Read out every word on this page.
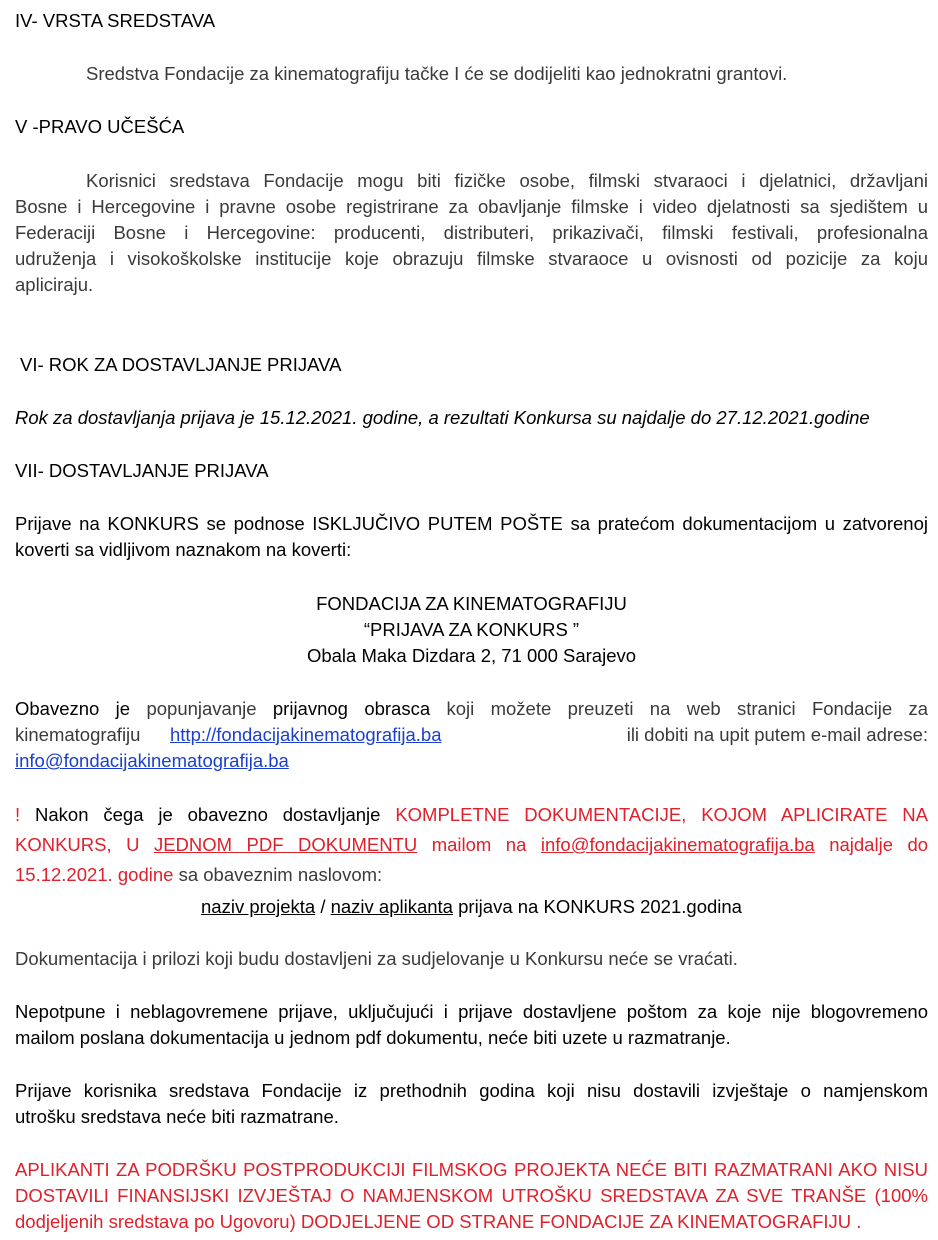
IV- VRSTA SREDSTAVA
Sredstva Fondacije za kinematografiju tačke I će se dodijeliti kao jednokratni grantovi.
V -PRAVO UČEŠĆA
Korisnici sredstava Fondacije mogu biti fizičke osobe, filmski stvaraoci i djelatnici, državljani
Bosne i Hercegovine i pravne osobe registrirane za obavljanje filmske i video djelatnosti sa sjedištem u
Federaciji Bosne i Hercegovine: producenti, distributeri, prikazivači, filmski festivali, profesionalna
udruženja i visokoškolske institucije koje obrazuju filmske stvaraoce u ovisnosti od pozicije za koju
apliciraju.
VI- ROK ZA DOSTAVLJANJE PRIJAVA
Rok za dostavljanja prijava je 15.12.2021. godine, a rezultati Konkursa su najdalje do 27.12.2021.godine
VII- DOSTAVLJANJE PRIJAVA
Prijave na KONKURS se podnose ISKLJUČIVO PUTEM POŠTE sa pratećom dokumentacijom u zatvorenoj
koverti sa vidljivom naznakom na koverti:
FONDACIJA ZA KINEMATOGRAFIJU
“PRIJAVA ZA KONKURS ”
Obala Maka Dizdara 2, 71 000 Sarajevo
Obavezno je popunjavanje prijavnog obrasca koji možete preuzeti na web stranici Fondacije za
kinematografiju http://fondacijakinematografija.ba	ili dobiti na upit putem e-mail adrese:
info@fondacijakinematografija.ba
! Nakon čega je obavezno dostavljanje KOMPLETNE DOKUMENTACIJE, KOJOM APLICIRATE NA
KONKURS, U JEDNOM PDF DOKUMENTU mailom na info@fondacijakinematografija.ba najdalje do
15.12.2021. godine sa obaveznim naslovom:
naziv projekta / naziv aplikanta prijava na KONKURS 2021.godina
Dokumentacija i prilozi koji budu dostavljeni za sudjelovanje u Konkursu neće se vraćati.
Nepotpune i neblagovremene prijave, uključujući i prijave dostavljene poštom za koje nije blogovremeno
mailom poslana dokumentacija u jednom pdf dokumentu, neće biti uzete u razmatranje.
Prijave korisnika sredstava Fondacije iz prethodnih godina koji nisu dostavili izvještaje o namjenskom
utrošku sredstava neće biti razmatrane.
APLIKANTI ZA PODRŠKU POSTPRODUKCIJI FILMSKOG PROJEKTA NEĆE BITI RAZMATRANI AKO NISU
DOSTAVILI FINANSIJSKI IZVJEŠTAJ O NAMJENSKOM UTROŠKU SREDSTAVA ZA SVE TRANŠE (100%
dodjeljenih sredstava po Ugovoru) DODJELJENE OD STRANE FONDACIJE ZA KINEMATOGRAFIJU .
